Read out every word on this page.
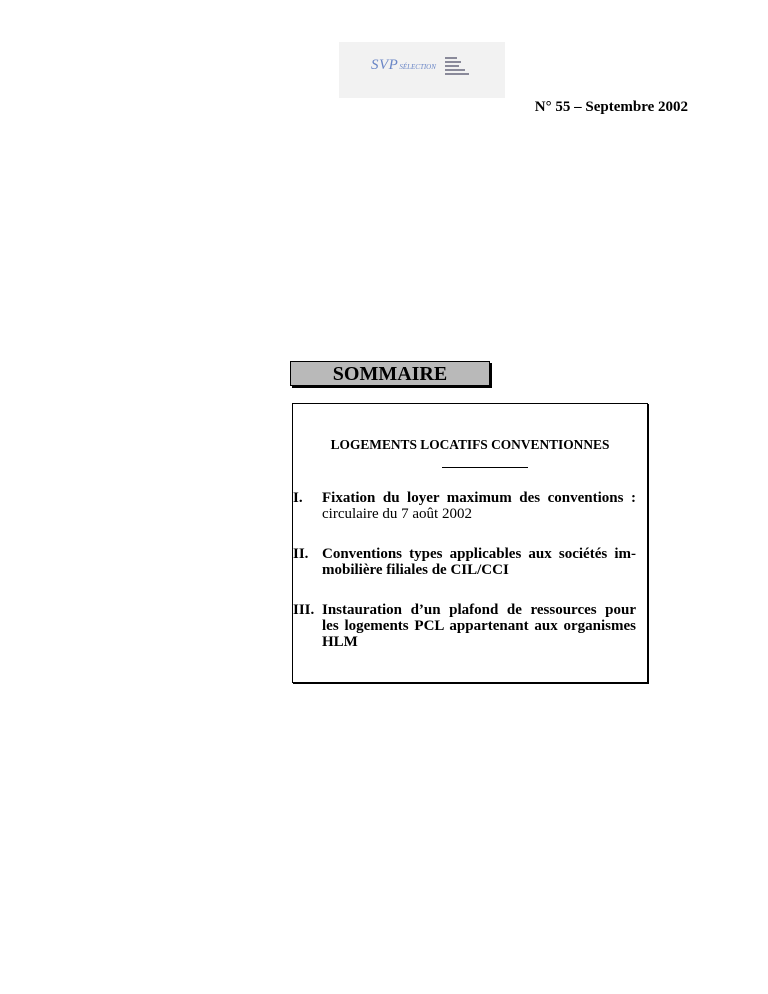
SVPSÉLECTION
N° 55 – Septembre 2002
SOMMAIRE
LOGEMENTS LOCATIFS CONVENTIONNES
I. Fixation du loyer maximum des conventions :
circulaire du 7 août 2002
II. Conventions types applicables aux sociétés im-
mobilière filiales de CIL/CCI
III. Instauration d’un plafond de ressources pour
les logements PCL appartenant aux organismes
HLM
